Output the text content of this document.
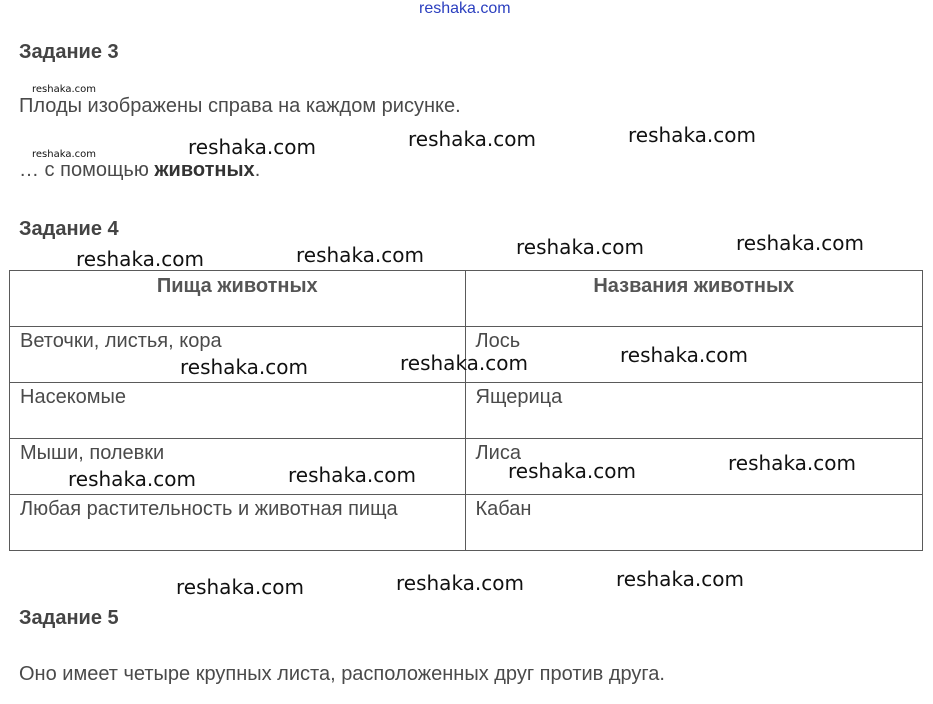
reshaka.com
Задание 3
reshaka.com
Плоды изображены справа на каждом рисунке.
reshaka.com
… с помощью животных.
reshaka.com	reshaka.com	reshaka.com
Задание 4
reshaka.com	reshaka.com	reshaka.com	reshaka.com
Пища животных	Названия животных
Веточки, листья, кора	Лось
Насекомые	Ящерица
Мыши, полевки	Лиса
Любая растительность и животная пища	Кабан
reshaka.com	reshaka.com	reshaka.com
reshaka.com	reshaka.com	reshaka.com	reshaka.com
reshaka.com	reshaka.com	reshaka.com
Задание 5
Оно имеет четыре крупных листа, расположенных друг против друга.
